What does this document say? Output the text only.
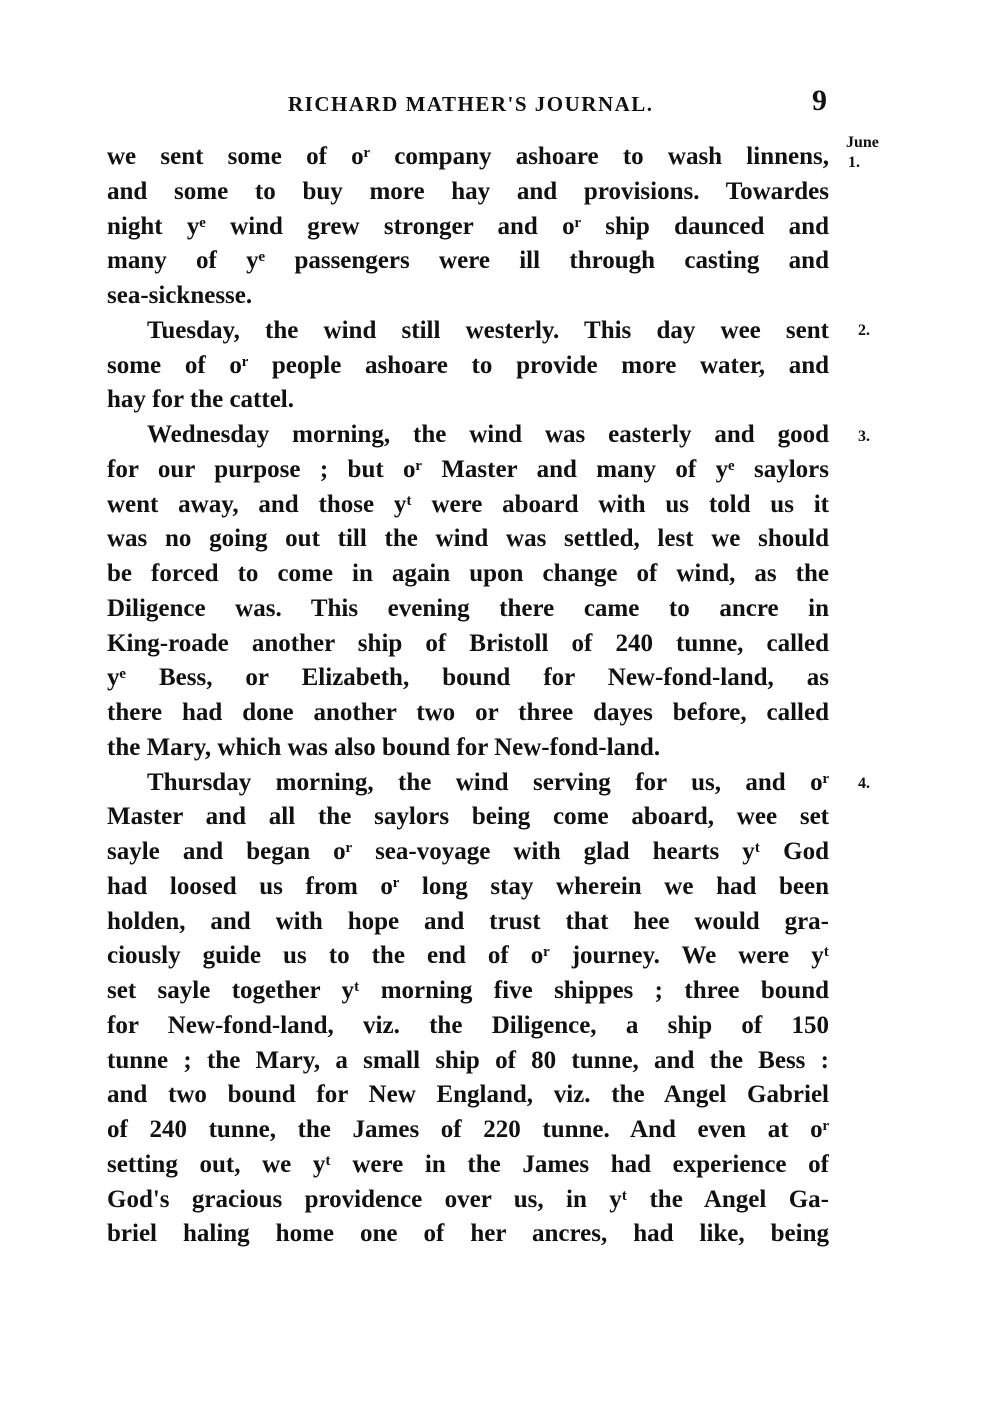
RICHARD MATHER'S JOURNAL.	9
June
1.
2.
3.
4.
we sent some of oʳ company ashoare to wash linnens,
and some to buy more hay and provisions. Towardes
night yᵉ wind grew stronger and oʳ ship daunced and
many of yᵉ passengers were ill through casting and
sea-sicknesse.
Tuesday, the wind still westerly. This day wee sent
some of oʳ people ashoare to provide more water, and
hay for the cattel.
Wednesday morning, the wind was easterly and good
for our purpose ; but oʳ Master and many of yᵉ saylors
went away, and those yᵗ were aboard with us told us it
was no going out till the wind was settled, lest we should
be forced to come in again upon change of wind, as the
Diligence was. This evening there came to ancre in
King-roade another ship of Bristoll of 240 tunne, called
yᵉ Bess, or Elizabeth, bound for New-fond-land, as
there had done another two or three dayes before, called
the Mary, which was also bound for New-fond-land.
Thursday morning, the wind serving for us, and oʳ
Master and all the saylors being come aboard, wee set
sayle and began oʳ sea-voyage with glad hearts yᵗ God
had loosed us from oʳ long stay wherein we had been
holden, and with hope and trust that hee would gra-
ciously guide us to the end of oʳ journey. We were yᵗ
set sayle together yᵗ morning five shippes ; three bound
for New-fond-land, viz. the Diligence, a ship of 150
tunne ; the Mary, a small ship of 80 tunne, and the Bess :
and two bound for New England, viz. the Angel Gabriel
of 240 tunne, the James of 220 tunne. And even at oʳ
setting out, we yᵗ were in the James had experience of
God's gracious providence over us, in yᵗ the Angel Ga-
briel haling home one of her ancres, had like, being
